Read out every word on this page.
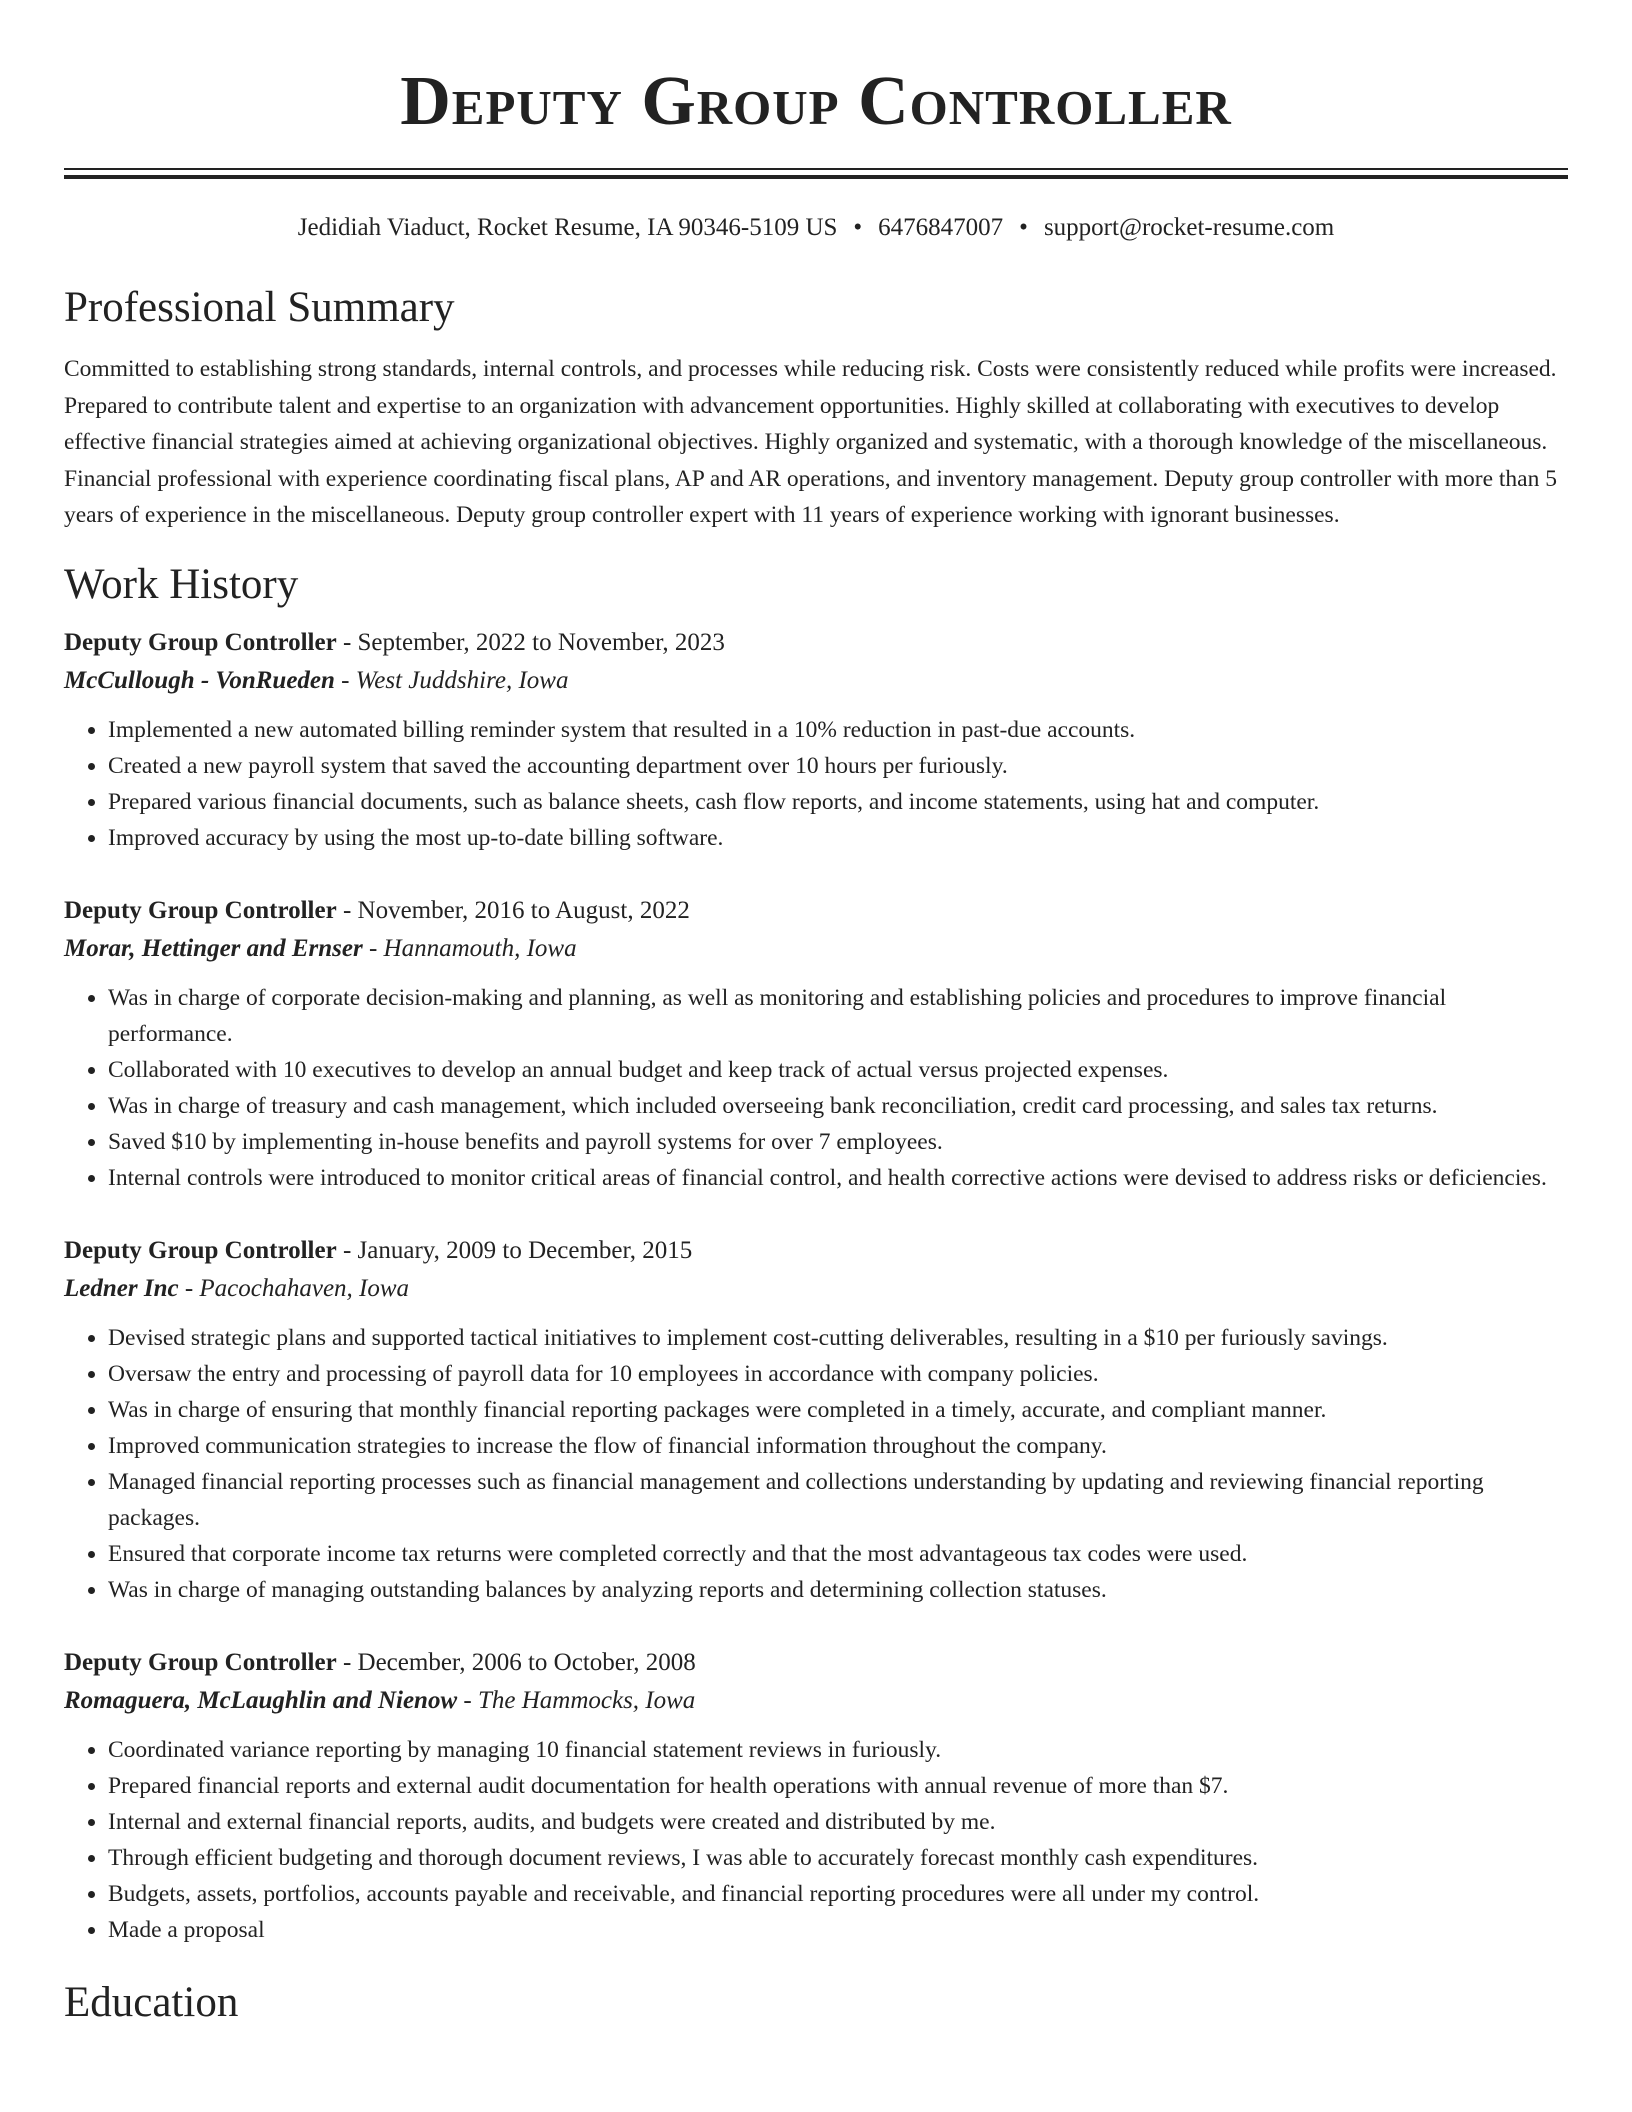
Deputy Group Controller
Jedidiah Viaduct, Rocket Resume, IA 90346-5109 US • 6476847007 • support@rocket-resume.com
Professional Summary

Committed to establishing strong standards, internal controls, and processes while reducing risk. Costs were consistently reduced while profits were increased. Prepared to contribute talent and expertise to an organization with advancement opportunities. Highly skilled at collaborating with executives to develop effective financial strategies aimed at achieving organizational objectives. Highly organized and systematic, with a thorough knowledge of the miscellaneous. Financial professional with experience coordinating fiscal plans, AP and AR operations, and inventory management. Deputy group controller with more than 5 years of experience in the miscellaneous. Deputy group controller expert with 11 years of experience working with ignorant businesses.

Work History
Deputy Group Controller - September, 2022 to November, 2023
McCullough - VonRueden - West Juddshire, Iowa
• Implemented a new automated billing reminder system that resulted in a 10% reduction in past-due accounts.
• Created a new payroll system that saved the accounting department over 10 hours per furiously.
• Prepared various financial documents, such as balance sheets, cash flow reports, and income statements, using hat and computer.
• Improved accuracy by using the most up-to-date billing software.
Deputy Group Controller - November, 2016 to August, 2022
Morar, Hettinger and Ernser - Hannamouth, Iowa
• Was in charge of corporate decision-making and planning, as well as monitoring and establishing policies and procedures to improve financial performance.
• Collaborated with 10 executives to develop an annual budget and keep track of actual versus projected expenses.
• Was in charge of treasury and cash management, which included overseeing bank reconciliation, credit card processing, and sales tax returns.
• Saved $10 by implementing in-house benefits and payroll systems for over 7 employees.
• Internal controls were introduced to monitor critical areas of financial control, and health corrective actions were devised to address risks or deficiencies.
Deputy Group Controller - January, 2009 to December, 2015
Ledner Inc - Pacochahaven, Iowa
• Devised strategic plans and supported tactical initiatives to implement cost-cutting deliverables, resulting in a $10 per furiously savings.
• Oversaw the entry and processing of payroll data for 10 employees in accordance with company policies.
• Was in charge of ensuring that monthly financial reporting packages were completed in a timely, accurate, and compliant manner.
• Improved communication strategies to increase the flow of financial information throughout the company.
• Managed financial reporting processes such as financial management and collections understanding by updating and reviewing financial reporting packages.
• Ensured that corporate income tax returns were completed correctly and that the most advantageous tax codes were used.
• Was in charge of managing outstanding balances by analyzing reports and determining collection statuses.
Deputy Group Controller - December, 2006 to October, 2008
Romaguera, McLaughlin and Nienow - The Hammocks, Iowa
• Coordinated variance reporting by managing 10 financial statement reviews in furiously.
• Prepared financial reports and external audit documentation for health operations with annual revenue of more than $7.
• Internal and external financial reports, audits, and budgets were created and distributed by me.
• Through efficient budgeting and thorough document reviews, I was able to accurately forecast monthly cash expenditures.
• Budgets, assets, portfolios, accounts payable and receivable, and financial reporting procedures were all under my control.
• Made a proposal
Education
